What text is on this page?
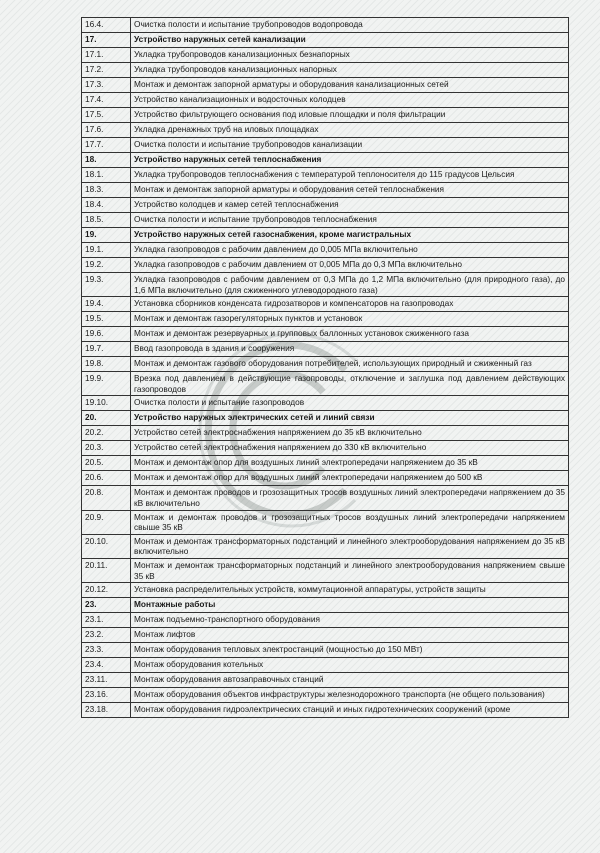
16.4.	Очистка полости и испытание трубопроводов водопровода
17.	Устройство наружных сетей канализации
17.1.	Укладка трубопроводов канализационных безнапорных
17.2.	Укладка трубопроводов канализационных напорных
17.3.	Монтаж и демонтаж запорной арматуры и оборудования канализационных сетей
17.4.	Устройство канализационных и водосточных колодцев
17.5.	Устройство фильтрующего основания под иловые площадки и поля фильтрации
17.6.	Укладка дренажных труб на иловых площадках
17.7.	Очистка полости и испытание трубопроводов канализации
18.	Устройство наружных сетей теплоснабжения
18.1.	Укладка трубопроводов теплоснабжения с температурой теплоносителя до 115 градусов Цельсия
18.3.	Монтаж и демонтаж запорной арматуры и оборудования сетей теплоснабжения
18.4.	Устройство колодцев и камер сетей теплоснабжения
18.5.	Очистка полости и испытание трубопроводов теплоснабжения
19.	Устройство наружных сетей газоснабжения, кроме магистральных
19.1.	Укладка газопроводов с рабочим давлением до 0,005 МПа включительно
19.2.	Укладка газопроводов с рабочим давлением от 0,005 МПа до 0,3 МПа включительно
19.3.	Укладка газопроводов с рабочим давлением от 0,3 МПа до 1,2 МПа включительно (для природного газа), до 1,6 МПа включительно (для сжиженного углеводородного газа)
19.4.	Установка сборников конденсата гидрозатворов и компенсаторов на газопроводах
19.5.	Монтаж и демонтаж газорегуляторных пунктов и установок
19.6.	Монтаж и демонтаж резервуарных и групповых баллонных установок сжиженного газа
19.7.	Ввод газопровода в здания и сооружения
19.8.	Монтаж и демонтаж газового оборудования потребителей, использующих природный и сжиженный газ
19.9.	Врезка под давлением в действующие газопроводы, отключение и заглушка под давлением действующих газопроводов
19.10.	Очистка полости и испытание газопроводов
20.	Устройство наружных электрических сетей и линий связи
20.2.	Устройство сетей электроснабжения напряжением до 35 кВ включительно
20.3.	Устройство сетей электроснабжения напряжением до 330 кВ включительно
20.5.	Монтаж и демонтаж опор для воздушных линий электропередачи напряжением до 35 кВ
20.6.	Монтаж и демонтаж опор для воздушных линий электропередачи напряжением до 500 кВ
20.8.	Монтаж и демонтаж проводов и грозозащитных тросов воздушных линий электропередачи напряжением до 35 кВ включительно
20.9.	Монтаж и демонтаж проводов и грозозащитных тросов воздушных линий электропередачи напряжением свыше 35 кВ
20.10.	Монтаж и демонтаж трансформаторных подстанций и линейного электрооборудования напряжением до 35 кВ включительно
20.11.	Монтаж и демонтаж трансформаторных подстанций и линейного электрооборудования напряжением свыше 35 кВ
20.12.	Установка распределительных устройств, коммутационной аппаратуры, устройств защиты
23.	Монтажные работы
23.1.	Монтаж подъемно-транспортного оборудования
23.2.	Монтаж лифтов
23.3.	Монтаж оборудования тепловых электростанций (мощностью до 150 МВт)
23.4.	Монтаж оборудования котельных
23.11.	Монтаж оборудования автозаправочных станций
23.16.	Монтаж оборудования объектов инфраструктуры железнодорожного транспорта (не общего пользования)
23.18.	Монтаж оборудования гидроэлектрических станций и иных гидротехнических сооружений (кроме
